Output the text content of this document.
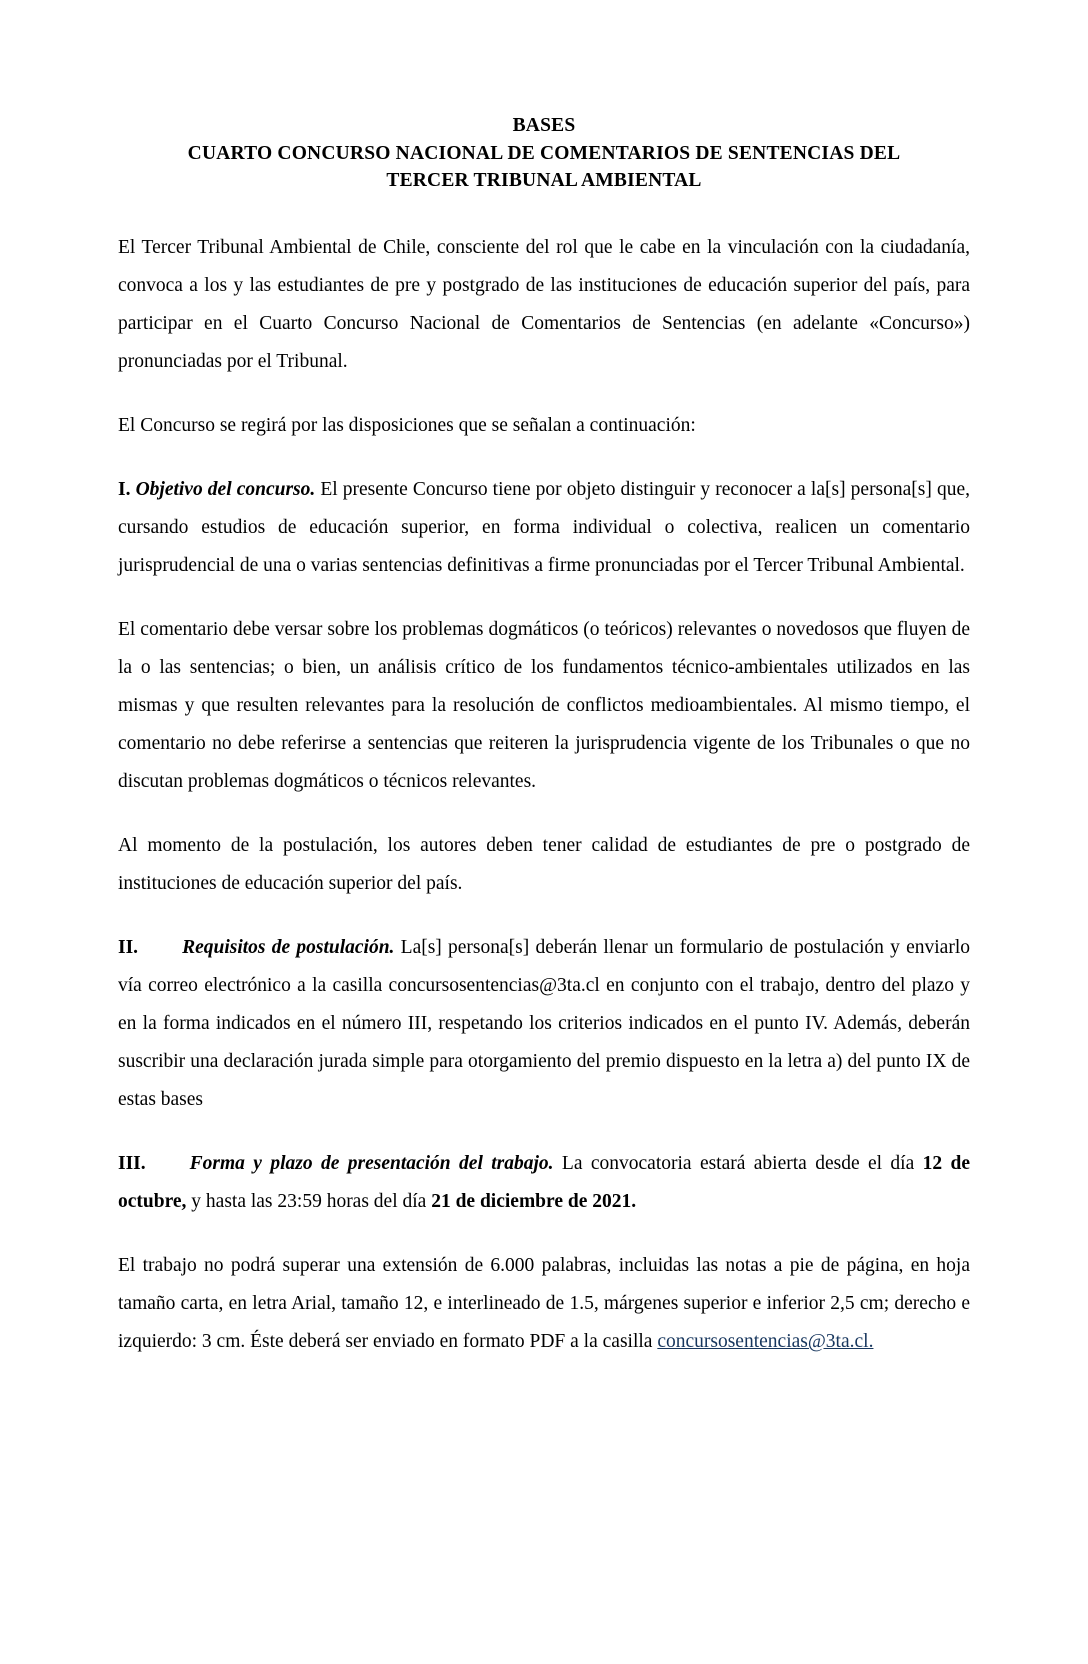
BASES
CUARTO CONCURSO NACIONAL DE COMENTARIOS DE SENTENCIAS DEL
TERCER TRIBUNAL AMBIENTAL

El Tercer Tribunal Ambiental de Chile, consciente del rol que le cabe en la vinculación con la ciudadanía, convoca a los y las estudiantes de pre y postgrado de las instituciones de educación superior del país, para participar en el Cuarto Concurso Nacional de Comentarios de Sentencias (en adelante «Concurso») pronunciadas por el Tribunal.

El Concurso se regirá por las disposiciones que se señalan a continuación:

I. Objetivo del concurso. El presente Concurso tiene por objeto distinguir y reconocer a la[s] persona[s] que, cursando estudios de educación superior, en forma individual o colectiva, realicen un comentario jurisprudencial de una o varias sentencias definitivas a firme pronunciadas por el Tercer Tribunal Ambiental.

El comentario debe versar sobre los problemas dogmáticos (o teóricos) relevantes o novedosos que fluyen de la o las sentencias; o bien, un análisis crítico de los fundamentos técnico-ambientales utilizados en las mismas y que resulten relevantes para la resolución de conflictos medioambientales. Al mismo tiempo, el comentario no debe referirse a sentencias que reiteren la jurisprudencia vigente de los Tribunales o que no discutan problemas dogmáticos o técnicos relevantes.

Al momento de la postulación, los autores deben tener calidad de estudiantes de pre o postgrado de instituciones de educación superior del país.

II. Requisitos de postulación. La[s] persona[s] deberán llenar un formulario de postulación y enviarlo vía correo electrónico a la casilla concursosentencias@3ta.cl en conjunto con el trabajo, dentro del plazo y en la forma indicados en el número III, respetando los criterios indicados en el punto IV. Además, deberán suscribir una declaración jurada simple para otorgamiento del premio dispuesto en la letra a) del punto IX de estas bases

III. Forma y plazo de presentación del trabajo. La convocatoria estará abierta desde el día 12 de octubre, y hasta las 23:59 horas del día 21 de diciembre de 2021.

El trabajo no podrá superar una extensión de 6.000 palabras, incluidas las notas a pie de página, en hoja tamaño carta, en letra Arial, tamaño 12, e interlineado de 1.5, márgenes superior e inferior 2,5 cm; derecho e izquierdo: 3 cm. Éste deberá ser enviado en formato PDF a la casilla concursosentencias@3ta.cl.
